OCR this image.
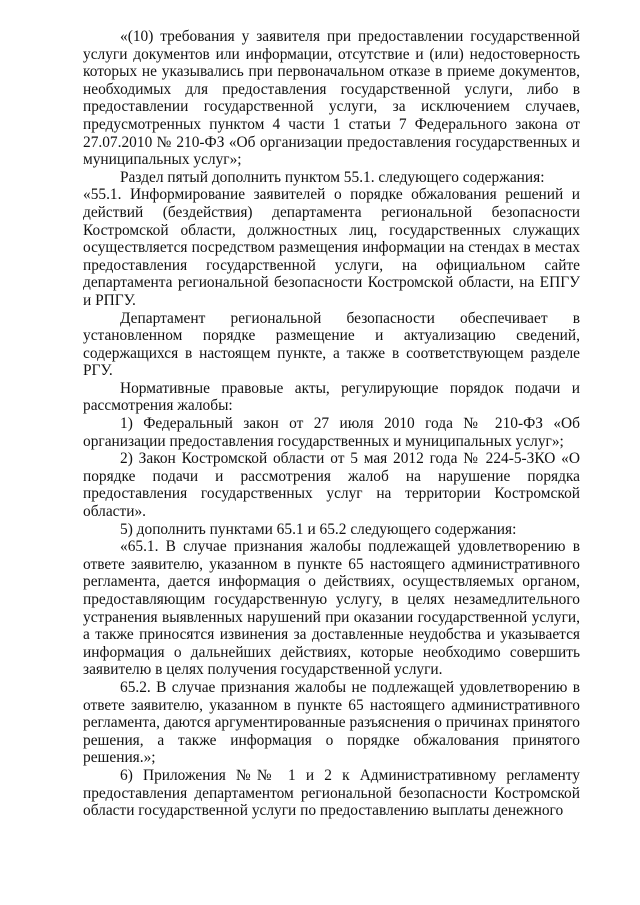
«(10) требования у заявителя при предоставлении государственной услуги документов или информации, отсутствие и (или) недостоверность которых не указывались при первоначальном отказе в приеме документов, необходимых для предоставления государственной услуги, либо в предоставлении государственной услуги, за исключением случаев, предусмотренных пунктом 4 части 1 статьи 7 Федерального закона от 27.07.2010 № 210-ФЗ «Об организации предоставления государственных и муниципальных услуг»;

Раздел пятый дополнить пунктом 55.1. следующего содержания:

«55.1. Информирование заявителей о порядке обжалования решений и действий (бездействия) департамента региональной безопасности Костромской области, должностных лиц, государственных служащих осуществляется посредством размещения информации на стендах в местах предоставления государственной услуги, на официальном сайте департамента региональной безопасности Костромской области, на ЕПГУ и РПГУ.

Департамент региональной безопасности обеспечивает в установленном порядке размещение и актуализацию сведений, содержащихся в настоящем пункте, а также в соответствующем разделе РГУ.

Нормативные правовые акты, регулирующие порядок подачи и рассмотрения жалобы:

1) Федеральный закон от 27 июля 2010 года № 210-ФЗ «Об организации предоставления государственных и муниципальных услуг»;

2) Закон Костромской области от 5 мая 2012 года № 224-5-ЗКО «О порядке подачи и рассмотрения жалоб на нарушение порядка предоставления государственных услуг на территории Костромской области».

5) дополнить пунктами 65.1 и 65.2 следующего содержания:

«65.1. В случае признания жалобы подлежащей удовлетворению в ответе заявителю, указанном в пункте 65 настоящего административного регламента, дается информация о действиях, осуществляемых органом, предоставляющим государственную услугу, в целях незамедлительного устранения выявленных нарушений при оказании государственной услуги, а также приносятся извинения за доставленные неудобства и указывается информация о дальнейших действиях, которые необходимо совершить заявителю в целях получения государственной услуги.

65.2. В случае признания жалобы не подлежащей удовлетворению в ответе заявителю, указанном в пункте 65 настоящего административного регламента, даются аргументированные разъяснения о причинах принятого решения, а также информация о порядке обжалования принятого решения.»;

6) Приложения №№ 1 и 2 к Административному регламенту предоставления департаментом региональной безопасности Костромской области государственной услуги по предоставлению выплаты денежного
